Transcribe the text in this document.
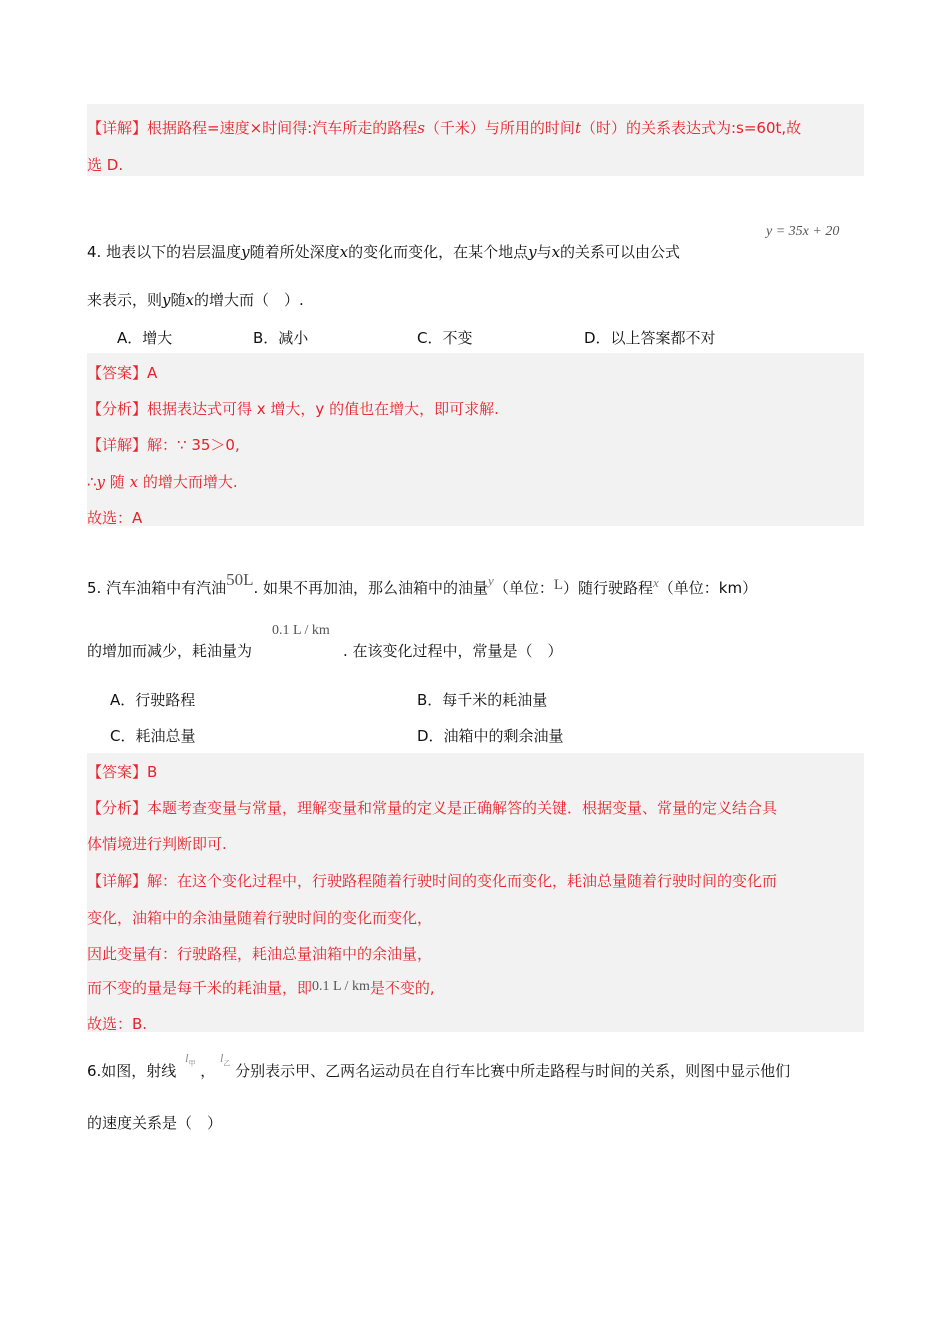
【详解】根据路程=速度×时间得:汽车所走的路程s（千米）与所用的时间t（时）的关系表达式为:s=60t,故
选 D.
4. 地表以下的岩层温度y随着所处深度x的变化而变化，在某个地点y与x的关系可以由公式
y = 35x + 20
来表示，则y随x的增大而（　）.
A．增大	B．减小	C．不变	D．以上答案都不对
【答案】A
【分析】根据表达式可得 x 增大，y 的值也在增大，即可求解.
【详解】解：∵ 35＞0,
∴y 随 x 的增大而增大.
故选：A
5. 汽车油箱中有汽油50L. 如果不再加油，那么油箱中的油量y（单位：L）随行驶路程x（单位：km）
的增加而减少，耗油量为
0.1 L / km
. 在该变化过程中，常量是（　）
A．行驶路程	B．每千米的耗油量
C．耗油总量	D．油箱中的剩余油量
【答案】B
【分析】本题考查变量与常量，理解变量和常量的定义是正确解答的关键．根据变量、常量的定义结合具
体情境进行判断即可.
【详解】解：在这个变化过程中，行驶路程随着行驶时间的变化而变化，耗油总量随着行驶时间的变化而
变化，油箱中的余油量随着行驶时间的变化而变化，
因此变量有：行驶路程，耗油总量油箱中的余油量，
而不变的量是每千米的耗油量，即0.1 L / km是不变的,
故选：B.
6.如图，射线 $^{l_甲}$ ， $^{l_乙}$ 分别表示甲、乙两名运动员在自行车比赛中所走路程与时间的关系，则图中显示他们
的速度关系是（　）
